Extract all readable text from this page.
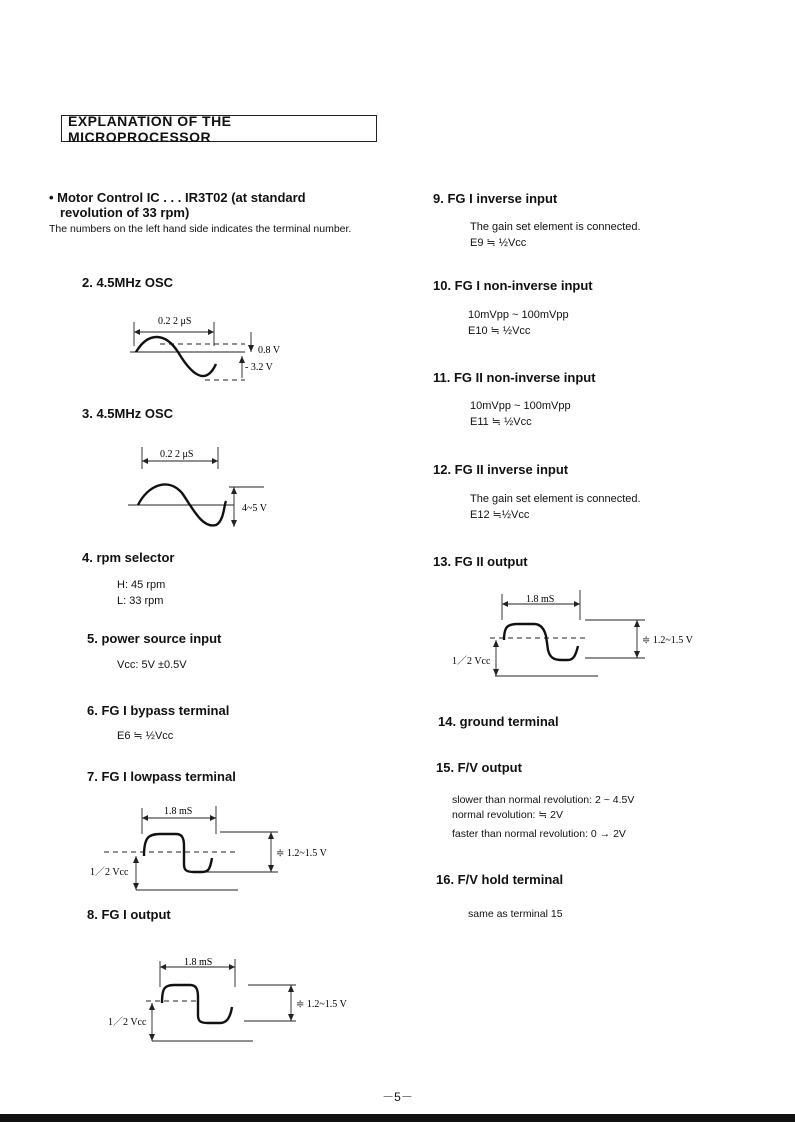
EXPLANATION OF THE MICROPROCESSOR
• Motor Control IC . . . IR3T02 (at standard
revolution of 33 rpm)
The numbers on the left hand side indicates the terminal number.
2. 4.5MHz OSC
0.2 2 μS
0.8 V
- 3.2 V
3. 4.5MHz OSC
0.2 2 μS
4~5 V
4. rpm selector
H: 45 rpm
L: 33 rpm
5. power source input
Vcc: 5V ±0.5V
6. FG I bypass terminal
E6 ≒ ½Vcc
7. FG I lowpass terminal
1.8 mS
1／2 Vcc
≑ 1.2~1.5 V
8. FG I output
1.8 mS
1／2 Vcc
≑ 1.2~1.5 V
9. FG I inverse input
The gain set element is connected.
E9 ≒ ½Vcc
10. FG I non-inverse input
10mVpp ~ 100mVpp
E10 ≒ ½Vcc
11. FG II non-inverse input
10mVpp ~ 100mVpp
E11 ≒ ½Vcc
12. FG II inverse input
The gain set element is connected.
E12 ≒½Vcc
13. FG II output
1.8 mS
1／2 Vcc
≑ 1.2~1.5 V
14. ground terminal
15. F/V output
slower than normal revolution: 2 ~ 4.5V
normal revolution: ≒ 2V
faster than normal revolution: 0 → 2V
16. F/V hold terminal
same as terminal 15
－5－
